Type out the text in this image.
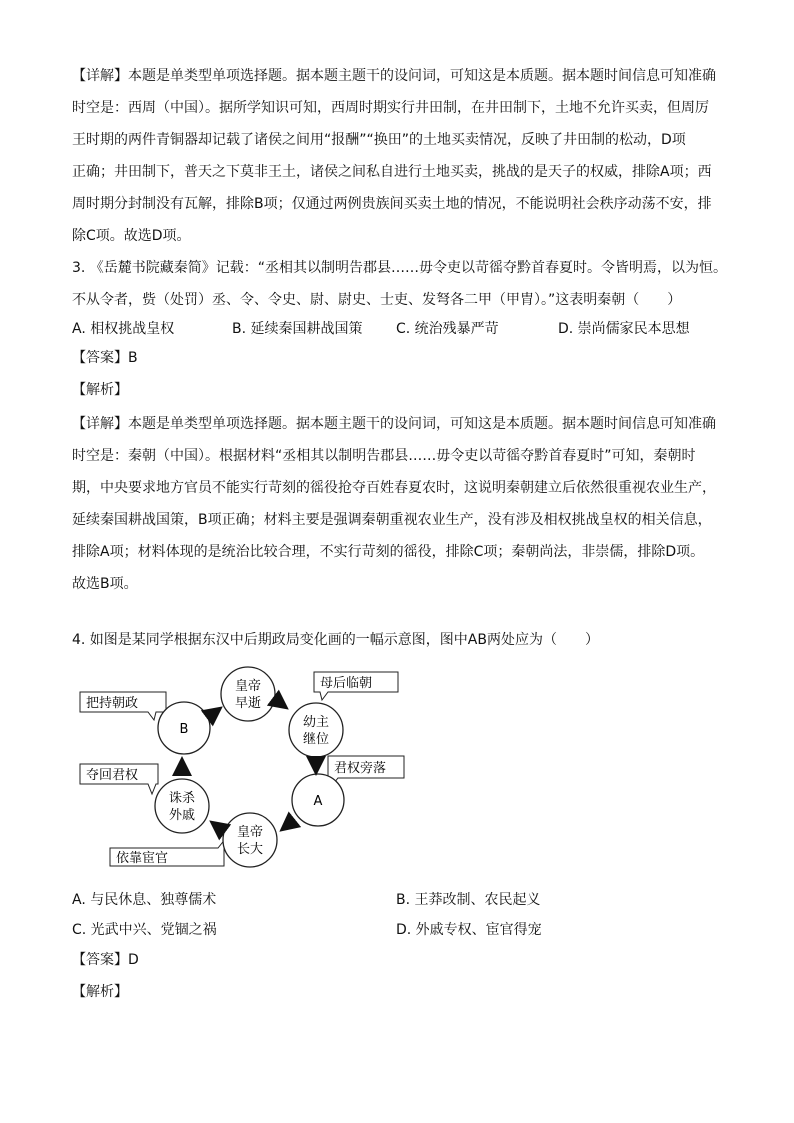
【详解】本题是单类型单项选择题。据本题主题干的设问词，可知这是本质题。据本题时间信息可知准确
时空是：西周（中国）。据所学知识可知，西周时期实行井田制，在井田制下，土地不允许买卖，但周厉
王时期的两件青铜器却记载了诸侯之间用“报酬”“换田”的土地买卖情况，反映了井田制的松动，D项
正确；井田制下，普天之下莫非王土，诸侯之间私自进行土地买卖，挑战的是天子的权威，排除A项；西
周时期分封制没有瓦解，排除B项；仅通过两例贵族间买卖土地的情况，不能说明社会秩序动荡不安，排
除C项。故选D项。
3. 《岳麓书院藏秦简》记载：“丞相其以制明告郡县……毋令吏以苛徭夺黔首春夏时。令皆明焉，以为恒。
不从令者，赀（处罚）丞、令、令史、尉、尉史、士吏、发弩各二甲（甲胄）。”这表明秦朝（　　）
A. 相权挑战皇权	B. 延续秦国耕战国策 C. 统治残暴严苛	D. 崇尚儒家民本思想
【答案】B
【解析】
【详解】本题是单类型单项选择题。据本题主题干的设问词，可知这是本质题。据本题时间信息可知准确
时空是：秦朝（中国）。根据材料“丞相其以制明告郡县……毋令吏以苛徭夺黔首春夏时”可知，秦朝时
期，中央要求地方官员不能实行苛刻的徭役抢夺百姓春夏农时，这说明秦朝建立后依然很重视农业生产，
延续秦国耕战国策，B项正确；材料主要是强调秦朝重视农业生产，没有涉及相权挑战皇权的相关信息，
排除A项；材料体现的是统治比较合理，不实行苛刻的徭役，排除C项；秦朝尚法，非崇儒，排除D项。
故选B项。
4. 如图是某同学根据东汉中后期政局变化画的一幅示意图，图中AB两处应为（　　）
把持朝政
母后临朝
君权旁落
夺回君权
依靠宦官
皇帝
早逝
幼主
继位
A
皇帝
长大
诛杀
外戚
B
A. 与民休息、独尊儒术	B. 王莽改制、农民起义
C. 光武中兴、党锢之祸	D. 外戚专权、宦官得宠
【答案】D
【解析】
